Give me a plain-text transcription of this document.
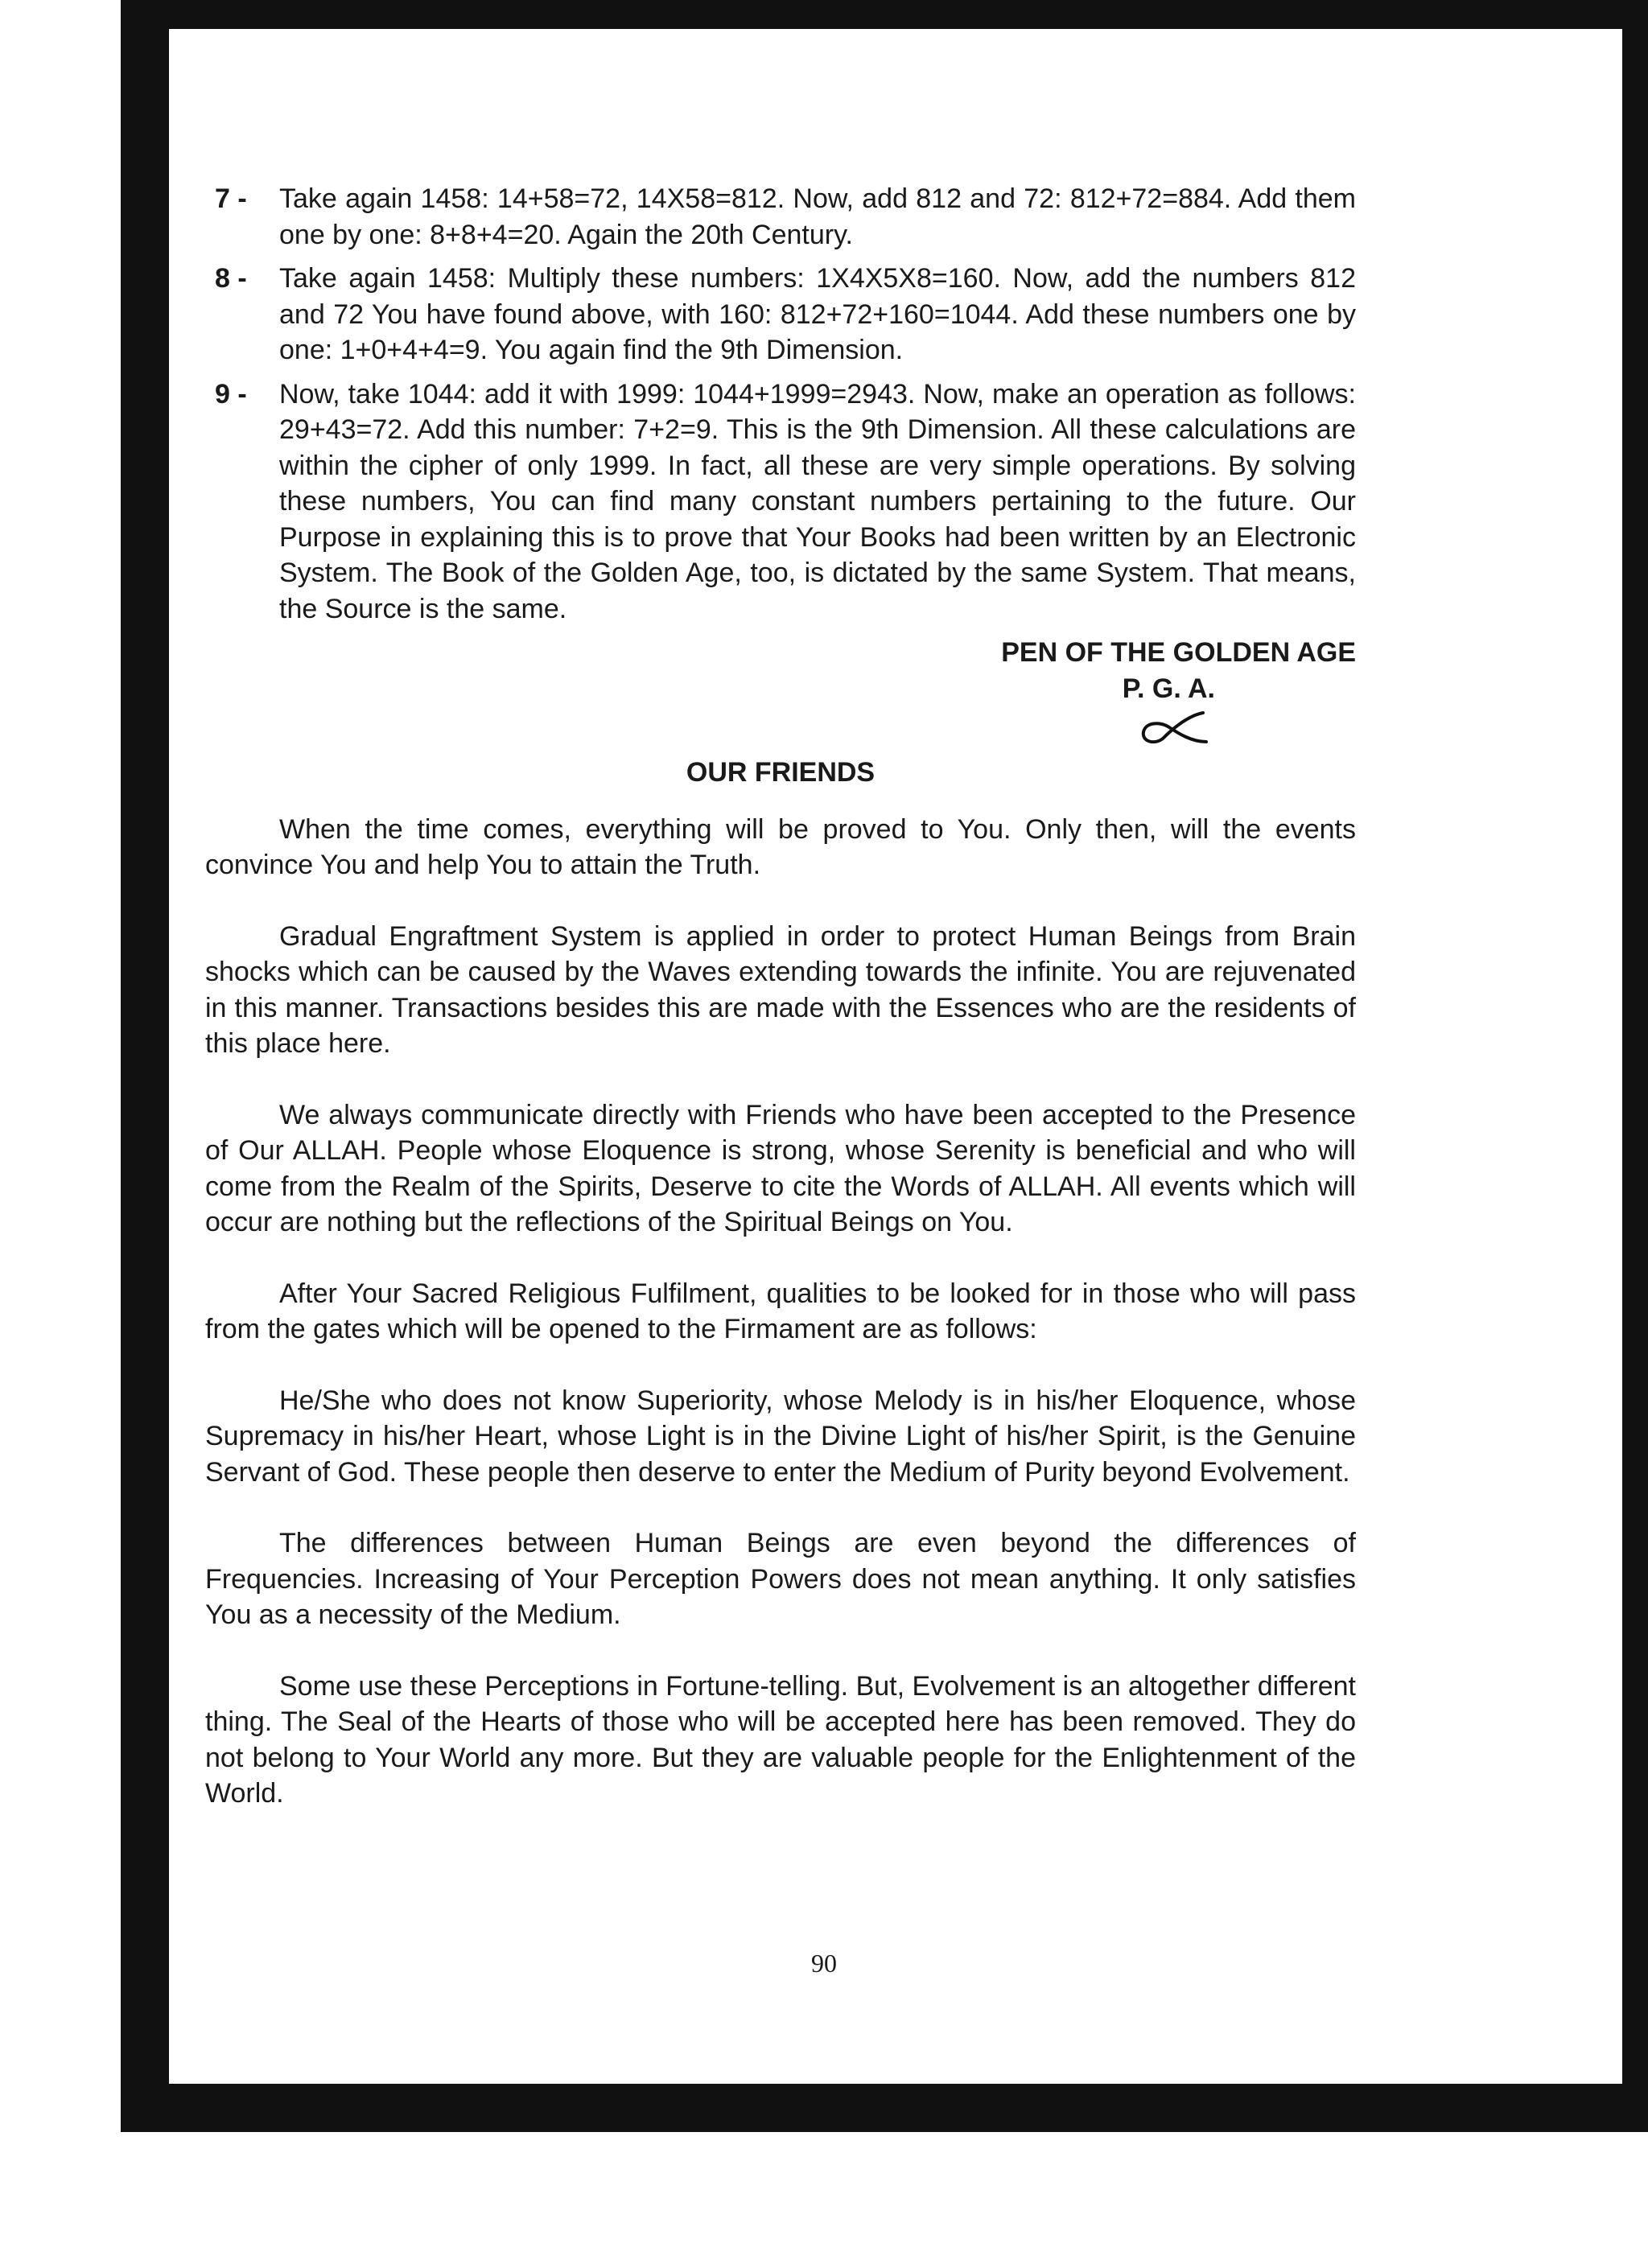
7 -	Take again 1458: 14+58=72, 14X58=812. Now, add 812 and 72: 812+72=884. Add them one by one: 8+8+4=20. Again the 20th Century.
8 -	Take again 1458: Multiply these numbers: 1X4X5X8=160. Now, add the numbers 812 and 72 You have found above, with 160: 812+72+160=1044. Add these numbers one by one: 1+0+4+4=9. You again find the 9th Dimension.
9 -	Now, take 1044: add it with 1999: 1044+1999=2943. Now, make an operation as follows: 29+43=72. Add this number: 7+2=9. This is the 9th Dimension. All these calculations are within the cipher of only 1999. In fact, all these are very simple operations. By solving these numbers, You can find many constant numbers pertaining to the future. Our Purpose in explaining this is to prove that Your Books had been written by an Electronic System. The Book of the Golden Age, too, is dictated by the same System. That means, the Source is the same.
PEN OF THE GOLDEN AGE
P. G. A.
OUR FRIENDS

When the time comes, everything will be proved to You. Only then, will the events convince You and help You to attain the Truth.

Gradual Engraftment System is applied in order to protect Human Beings from Brain shocks which can be caused by the Waves extending towards the infinite. You are rejuvenated in this manner. Transactions besides this are made with the Essences who are the residents of this place here.

We always communicate directly with Friends who have been accepted to the Presence of Our ALLAH. People whose Eloquence is strong, whose Serenity is beneficial and who will come from the Realm of the Spirits, Deserve to cite the Words of ALLAH. All events which will occur are nothing but the reflections of the Spiritual Beings on You.

After Your Sacred Religious Fulfilment, qualities to be looked for in those who will pass from the gates which will be opened to the Firmament are as follows:

He/She who does not know Superiority, whose Melody is in his/her Eloquence, whose Supremacy in his/her Heart, whose Light is in the Divine Light of his/her Spirit, is the Genuine Servant of God. These people then deserve to enter the Medium of Purity beyond Evolvement.

The differences between Human Beings are even beyond the differences of Frequencies. Increasing of Your Perception Powers does not mean anything. It only satisfies You as a necessity of the Medium.

Some use these Perceptions in Fortune-telling. But, Evolvement is an altogether different thing. The Seal of the Hearts of those who will be accepted here has been removed. They do not belong to Your World any more. But they are valuable people for the Enlightenment of the World.

90
